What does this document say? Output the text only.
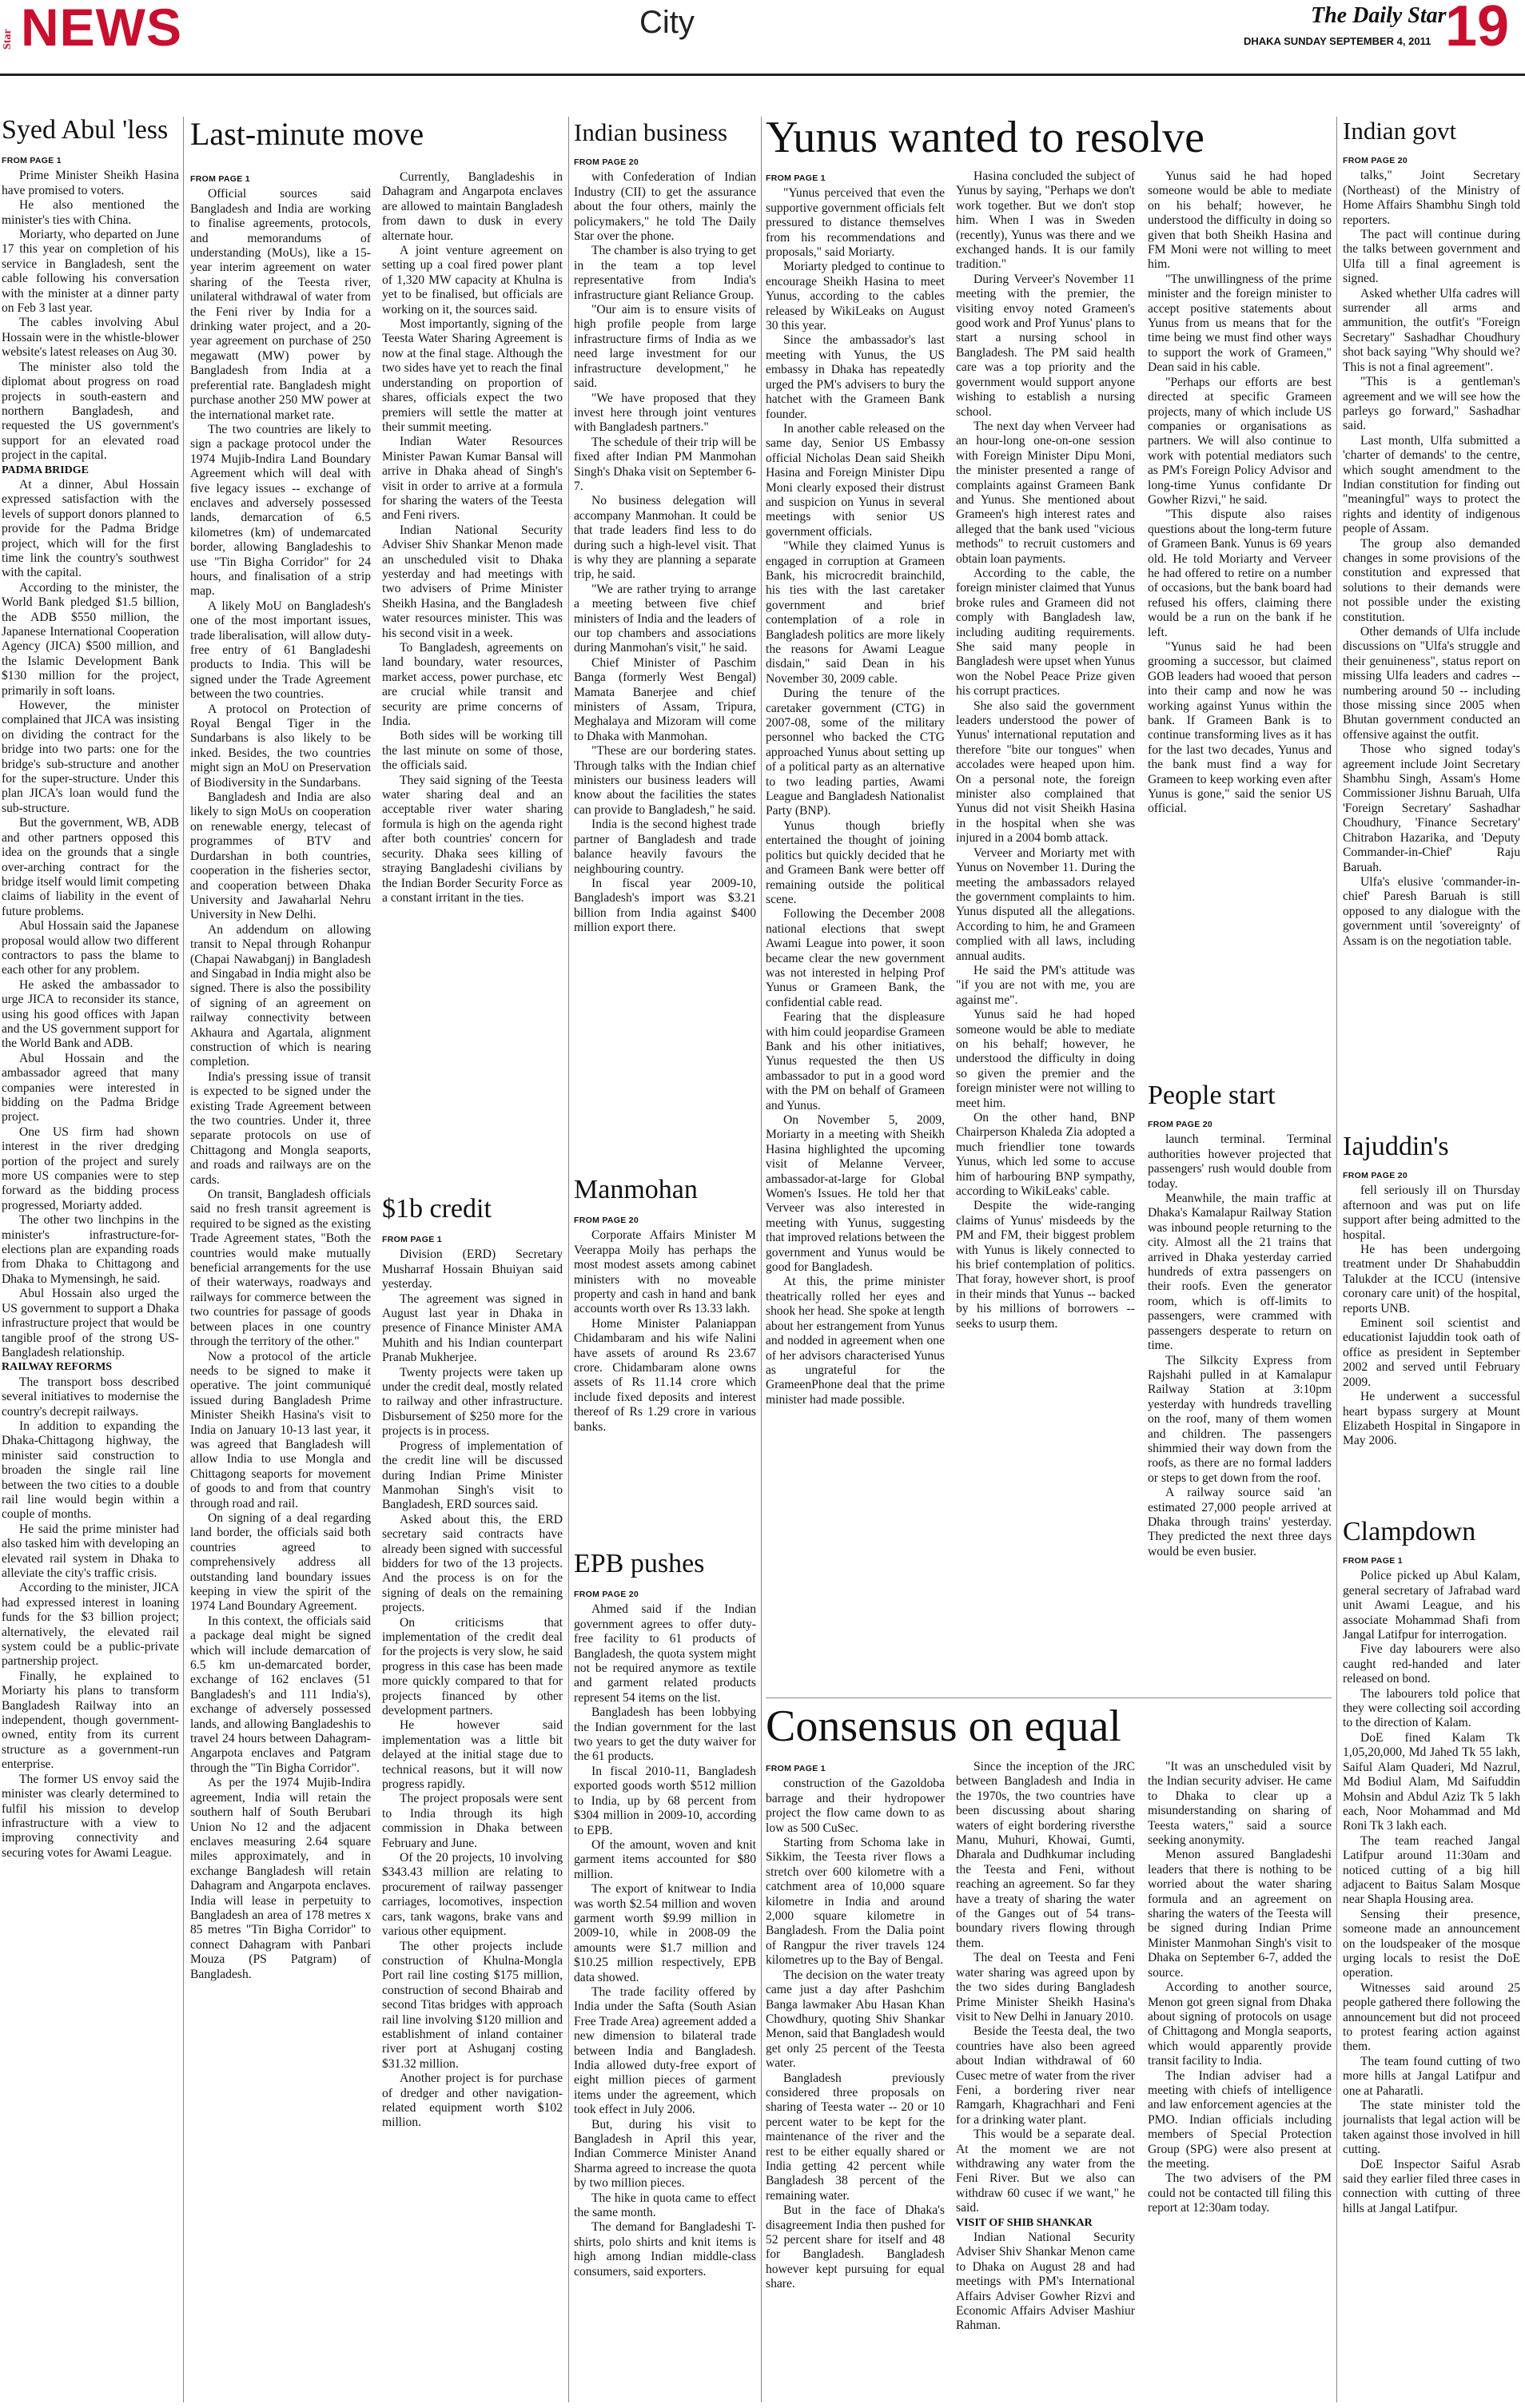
Star NEWS	City	The Daily Star
DHAKA SUNDAY SEPTEMBER 4, 2011 19
Syed Abul 'less
FROM PAGE 1

Prime Minister Sheikh Hasina have promised to voters.

He also mentioned the minister's ties with China.

Moriarty, who departed on June 17 this year on completion of his service in Bangladesh, sent the cable following his conversation with the minister at a dinner party on Feb 3 last year.

The cables involving Abul Hossain were in the whistle-blower website's latest releases on Aug 30.

The minister also told the diplomat about progress on road projects in south-eastern and northern Bangladesh, and requested the US government's support for an elevated road project in the capital.

PADMA BRIDGE

At a dinner, Abul Hossain expressed satisfaction with the levels of support donors planned to provide for the Padma Bridge project, which will for the first time link the country's southwest with the capital.

According to the minister, the World Bank pledged $1.5 billion, the ADB $550 million, the Japanese International Cooperation Agency (JICA) $500 million, and the Islamic Development Bank $130 million for the project, primarily in soft loans.

However, the minister complained that JICA was insisting on dividing the contract for the bridge into two parts: one for the bridge's sub-structure and another for the super-structure. Under this plan JICA's loan would fund the sub-structure.

But the government, WB, ADB and other partners opposed this idea on the grounds that a single over-arching contract for the bridge itself would limit competing claims of liability in the event of future problems.

Abul Hossain said the Japanese proposal would allow two different contractors to pass the blame to each other for any problem.

He asked the ambassador to urge JICA to reconsider its stance, using his good offices with Japan and the US government support for the World Bank and ADB.

Abul Hossain and the ambassador agreed that many companies were interested in bidding on the Padma Bridge project.

One US firm had shown interest in the river dredging portion of the project and surely more US companies were to step forward as the bidding process progressed, Moriarty added.

The other two linchpins in the minister's infrastructure-for-elections plan are expanding roads from Dhaka to Chittagong and Dhaka to Mymensingh, he said.

Abul Hossain also urged the US government to support a Dhaka infrastructure project that would be tangible proof of the strong US-Bangladesh relationship.

RAILWAY REFORMS

The transport boss described several initiatives to modernise the country's decrepit railways.

In addition to expanding the Dhaka-Chittagong highway, the minister said construction to broaden the single rail line between the two cities to a double rail line would begin within a couple of months.

He said the prime minister had also tasked him with developing an elevated rail system in Dhaka to alleviate the city's traffic crisis.

According to the minister, JICA had expressed interest in loaning funds for the $3 billion project; alternatively, the elevated rail system could be a public-private partnership project.

Finally, he explained to Moriarty his plans to transform Bangladesh Railway into an independent, though government-owned, entity from its current structure as a government-run enterprise.

The former US envoy said the minister was clearly determined to fulfil his mission to develop infrastructure with a view to improving connectivity and securing votes for Awami League.

Last-minute move
FROM PAGE 1

Official sources said Bangladesh and India are working to finalise agreements, protocols, and memorandums of understanding (MoUs), like a 15-year interim agreement on water sharing of the Teesta river, unilateral withdrawal of water from the Feni river by India for a drinking water project, and a 20-year agreement on purchase of 250 megawatt (MW) power by Bangladesh from India at a preferential rate. Bangladesh might purchase another 250 MW power at the international market rate.

The two countries are likely to sign a package protocol under the 1974 Mujib-Indira Land Boundary Agreement which will deal with five legacy issues -- exchange of enclaves and adversely possessed lands, demarcation of 6.5 kilometres (km) of undemarcated border, allowing Bangladeshis to use "Tin Bigha Corridor" for 24 hours, and finalisation of a strip map.

A likely MoU on Bangladesh's one of the most important issues, trade liberalisation, will allow duty-free entry of 61 Bangladeshi products to India. This will be signed under the Trade Agreement between the two countries.

A protocol on Protection of Royal Bengal Tiger in the Sundarbans is also likely to be inked. Besides, the two countries might sign an MoU on Preservation of Biodiversity in the Sundarbans.

Bangladesh and India are also likely to sign MoUs on cooperation on renewable energy, telecast of programmes of BTV and Durdarshan in both countries, cooperation in the fisheries sector, and cooperation between Dhaka University and Jawaharlal Nehru University in New Delhi.

An addendum on allowing transit to Nepal through Rohanpur (Chapai Nawabganj) in Bangladesh and Singabad in India might also be signed. There is also the possibility of signing of an agreement on railway connectivity between Akhaura and Agartala, alignment construction of which is nearing completion.

India's pressing issue of transit is expected to be signed under the existing Trade Agreement between the two countries. Under it, three separate protocols on use of Chittagong and Mongla seaports, and roads and railways are on the cards.

On transit, Bangladesh officials said no fresh transit agreement is required to be signed as the existing Trade Agreement states, "Both the countries would make mutually beneficial arrangements for the use of their waterways, roadways and railways for commerce between the two countries for passage of goods between places in one country through the territory of the other."

Now a protocol of the article needs to be signed to make it operative. The joint communiqué issued during Bangladesh Prime Minister Sheikh Hasina's visit to India on January 10-13 last year, it was agreed that Bangladesh will allow India to use Mongla and Chittagong seaports for movement of goods to and from that country through road and rail.

On signing of a deal regarding land border, the officials said both countries agreed to comprehensively address all outstanding land boundary issues keeping in view the spirit of the 1974 Land Boundary Agreement.

In this context, the officials said a package deal might be signed which will include demarcation of 6.5 km un-demarcated border, exchange of 162 enclaves (51 Bangladesh's and 111 India's), exchange of adversely possessed lands, and allowing Bangladeshis to travel 24 hours between Dahagram-Angarpota enclaves and Patgram through the "Tin Bigha Corridor".

As per the 1974 Mujib-Indira agreement, India will retain the southern half of South Berubari Union No 12 and the adjacent enclaves measuring 2.64 square miles approximately, and in exchange Bangladesh will retain Dahagram and Angarpota enclaves. India will lease in perpetuity to Bangladesh an area of 178 metres x 85 metres "Tin Bigha Corridor" to connect Dahagram with Panbari Mouza (PS Patgram) of Bangladesh.

Currently, Bangladeshis in Dahagram and Angarpota enclaves are allowed to maintain Bangladesh from dawn to dusk in every alternate hour.

A joint venture agreement on setting up a coal fired power plant of 1,320 MW capacity at Khulna is yet to be finalised, but officials are working on it, the sources said.

Most importantly, signing of the Teesta Water Sharing Agreement is now at the final stage. Although the two sides have yet to reach the final understanding on proportion of shares, officials expect the two premiers will settle the matter at their summit meeting.

Indian Water Resources Minister Pawan Kumar Bansal will arrive in Dhaka ahead of Singh's visit in order to arrive at a formula for sharing the waters of the Teesta and Feni rivers.

Indian National Security Adviser Shiv Shankar Menon made an unscheduled visit to Dhaka yesterday and had meetings with two advisers of Prime Minister Sheikh Hasina, and the Bangladesh water resources minister. This was his second visit in a week.

To Bangladesh, agreements on land boundary, water resources, market access, power purchase, etc are crucial while transit and security are prime concerns of India.

Both sides will be working till the last minute on some of those, the officials said.

They said signing of the Teesta water sharing deal and an acceptable river water sharing formula is high on the agenda right after both countries' concern for security. Dhaka sees killing of straying Bangladeshi civilians by the Indian Border Security Force as a constant irritant in the ties.

$1b credit
FROM PAGE 1

Division (ERD) Secretary Musharraf Hossain Bhuiyan said yesterday.

The agreement was signed in August last year in Dhaka in presence of Finance Minister AMA Muhith and his Indian counterpart Pranab Mukherjee.

Twenty projects were taken up under the credit deal, mostly related to railway and other infrastructure. Disbursement of $250 more for the projects is in process.

Progress of implementation of the credit line will be discussed during Indian Prime Minister Manmohan Singh's visit to Bangladesh, ERD sources said.

Asked about this, the ERD secretary said contracts have already been signed with successful bidders for two of the 13 projects. And the process is on for the signing of deals on the remaining projects.

On criticisms that implementation of the credit deal for the projects is very slow, he said progress in this case has been made more quickly compared to that for projects financed by other development partners.

He however said implementation was a little bit delayed at the initial stage due to technical reasons, but it will now progress rapidly.

The project proposals were sent to India through its high commission in Dhaka between February and June.

Of the 20 projects, 10 involving $343.43 million are relating to procurement of railway passenger carriages, locomotives, inspection cars, tank wagons, brake vans and various other equipment.

The other projects include construction of Khulna-Mongla Port rail line costing $175 million, construction of second Bhairab and second Titas bridges with approach rail line involving $120 million and establishment of inland container river port at Ashuganj costing $31.32 million.

Another project is for purchase of dredger and other navigation- related equipment worth $102 million.

Indian business
FROM PAGE 20

with Confederation of Indian Industry (CII) to get the assurance about the four others, mainly the policymakers," he told The Daily Star over the phone.

The chamber is also trying to get in the team a top level representative from India's infrastructure giant Reliance Group.

"Our aim is to ensure visits of high profile people from large infrastructure firms of India as we need large investment for our infrastructure development," he said.

"We have proposed that they invest here through joint ventures with Bangladesh partners."

The schedule of their trip will be fixed after Indian PM Manmohan Singh's Dhaka visit on September 6-7.

No business delegation will accompany Manmohan. It could be that trade leaders find less to do during such a high-level visit. That is why they are planning a separate trip, he said.

"We are rather trying to arrange a meeting between five chief ministers of India and the leaders of our top chambers and associations during Manmohan's visit," he said.

Chief Minister of Paschim Banga (formerly West Bengal) Mamata Banerjee and chief ministers of Assam, Tripura, Meghalaya and Mizoram will come to Dhaka with Manmohan.

"These are our bordering states. Through talks with the Indian chief ministers our business leaders will know about the facilities the states can provide to Bangladesh," he said.

India is the second highest trade partner of Bangladesh and trade balance heavily favours the neighbouring country.

In fiscal year 2009-10, Bangladesh's import was $3.21 billion from India against $400 million export there.

Manmohan
FROM PAGE 20

Corporate Affairs Minister M Veerappa Moily has perhaps the most modest assets among cabinet ministers with no moveable property and cash in hand and bank accounts worth over Rs 13.33 lakh.

Home Minister Palaniappan Chidambaram and his wife Nalini have assets of around Rs 23.67 crore. Chidambaram alone owns assets of Rs 11.14 crore which include fixed deposits and interest thereof of Rs 1.29 crore in various banks.

EPB pushes
FROM PAGE 20

Ahmed said if the Indian government agrees to offer duty-free facility to 61 products of Bangladesh, the quota system might not be required anymore as textile and garment related products represent 54 items on the list.

Bangladesh has been lobbying the Indian government for the last two years to get the duty waiver for the 61 products.

In fiscal 2010-11, Bangladesh exported goods worth $512 million to India, up by 68 percent from $304 million in 2009-10, according to EPB.

Of the amount, woven and knit garment items accounted for $80 million.

The export of knitwear to India was worth $2.54 million and woven garment worth $9.99 million in 2009-10, while in 2008-09 the amounts were $1.7 million and $10.25 million respectively, EPB data showed.

The trade facility offered by India under the Safta (South Asian Free Trade Area) agreement added a new dimension to bilateral trade between India and Bangladesh. India allowed duty-free export of eight million pieces of garment items under the agreement, which took effect in July 2006.

But, during his visit to Bangladesh in April this year, Indian Commerce Minister Anand Sharma agreed to increase the quota by two million pieces.

The hike in quota came to effect the same month.

The demand for Bangladeshi T-shirts, polo shirts and knit items is high among Indian middle-class consumers, said exporters.

Yunus wanted to resolve
FROM PAGE 1

"Yunus perceived that even the supportive government officials felt pressured to distance themselves from his recommendations and proposals," said Moriarty.

Moriarty pledged to continue to encourage Sheikh Hasina to meet Yunus, according to the cables released by WikiLeaks on August 30 this year.

Since the ambassador's last meeting with Yunus, the US embassy in Dhaka has repeatedly urged the PM's advisers to bury the hatchet with the Grameen Bank founder.

In another cable released on the same day, Senior US Embassy official Nicholas Dean said Sheikh Hasina and Foreign Minister Dipu Moni clearly exposed their distrust and suspicion on Yunus in several meetings with senior US government officials.

"While they claimed Yunus is engaged in corruption at Grameen Bank, his microcredit brainchild, his ties with the last caretaker government and brief contemplation of a role in Bangladesh politics are more likely the reasons for Awami League disdain," said Dean in his November 30, 2009 cable.

During the tenure of the caretaker government (CTG) in 2007-08, some of the military personnel who backed the CTG approached Yunus about setting up of a political party as an alternative to two leading parties, Awami League and Bangladesh Nationalist Party (BNP).

Yunus though briefly entertained the thought of joining politics but quickly decided that he and Grameen Bank were better off remaining outside the political scene.

Following the December 2008 national elections that swept Awami League into power, it soon became clear the new government was not interested in helping Prof Yunus or Grameen Bank, the confidential cable read.

Fearing that the displeasure with him could jeopardise Grameen Bank and his other initiatives, Yunus requested the then US ambassador to put in a good word with the PM on behalf of Grameen and Yunus.

On November 5, 2009, Moriarty in a meeting with Sheikh Hasina highlighted the upcoming visit of Melanne Verveer, ambassador-at-large for Global Women's Issues. He told her that Verveer was also interested in meeting with Yunus, suggesting that improved relations between the government and Yunus would be good for Bangladesh.

At this, the prime minister theatrically rolled her eyes and shook her head. She spoke at length about her estrangement from Yunus and nodded in agreement when one of her advisors characterised Yunus as ungrateful for the GrameenPhone deal that the prime minister had made possible.

Hasina concluded the subject of Yunus by saying, "Perhaps we don't work together. But we don't stop him. When I was in Sweden (recently), Yunus was there and we exchanged hands. It is our family tradition."

During Verveer's November 11 meeting with the premier, the visiting envoy noted Grameen's good work and Prof Yunus' plans to start a nursing school in Bangladesh. The PM said health care was a top priority and the government would support anyone wishing to establish a nursing school.

The next day when Verveer had an hour-long one-on-one session with Foreign Minister Dipu Moni, the minister presented a range of complaints against Grameen Bank and Yunus. She mentioned about Grameen's high interest rates and alleged that the bank used "vicious methods" to recruit customers and obtain loan payments.

According to the cable, the foreign minister claimed that Yunus broke rules and Grameen did not comply with Bangladesh law, including auditing requirements. She said many people in Bangladesh were upset when Yunus won the Nobel Peace Prize given his corrupt practices.

She also said the government leaders understood the power of Yunus' international reputation and therefore "bite our tongues" when accolades were heaped upon him. On a personal note, the foreign minister also complained that Yunus did not visit Sheikh Hasina in the hospital when she was injured in a 2004 bomb attack.

Verveer and Moriarty met with Yunus on November 11. During the meeting the ambassadors relayed the government complaints to him. Yunus disputed all the allegations. According to him, he and Grameen complied with all laws, including annual audits.

He said the PM's attitude was "if you are not with me, you are against me".

Yunus said he had hoped someone would be able to mediate on his behalf; however, he understood the difficulty in doing so given the premier and the foreign minister were not willing to meet him.

On the other hand, BNP Chairperson Khaleda Zia adopted a much friendlier tone towards Yunus, which led some to accuse him of harbouring BNP sympathy, according to WikiLeaks' cable.

Despite the wide-ranging claims of Yunus' misdeeds by the PM and FM, their biggest problem with Yunus is likely connected to his brief contemplation of politics. That foray, however short, is proof in their minds that Yunus -- backed by his millions of borrowers -- seeks to usurp them.

Yunus said he had hoped someone would be able to mediate on his behalf; however, he understood the difficulty in doing so given that both Sheikh Hasina and FM Moni were not willing to meet him.

"The unwillingness of the prime minister and the foreign minister to accept positive statements about Yunus from us means that for the time being we must find other ways to support the work of Grameen," Dean said in his cable.

"Perhaps our efforts are best directed at specific Grameen projects, many of which include US companies or organisations as partners. We will also continue to work with potential mediators such as PM's Foreign Policy Advisor and long-time Yunus confidante Dr Gowher Rizvi," he said.

"This dispute also raises questions about the long-term future of Grameen Bank. Yunus is 69 years old. He told Moriarty and Verveer he had offered to retire on a number of occasions, but the bank board had refused his offers, claiming there would be a run on the bank if he left.

"Yunus said he had been grooming a successor, but claimed GOB leaders had wooed that person into their camp and now he was working against Yunus within the bank. If Grameen Bank is to continue transforming lives as it has for the last two decades, Yunus and the bank must find a way for Grameen to keep working even after Yunus is gone," said the senior US official.

People start
FROM PAGE 20

launch terminal. Terminal authorities however projected that passengers' rush would double from today.

Meanwhile, the main traffic at Dhaka's Kamalapur Railway Station was inbound people returning to the city. Almost all the 21 trains that arrived in Dhaka yesterday carried hundreds of extra passengers on their roofs. Even the generator room, which is off-limits to passengers, were crammed with passengers desperate to return on time.

The Silkcity Express from Rajshahi pulled in at Kamalapur Railway Station at 3:10pm yesterday with hundreds travelling on the roof, many of them women and children. The passengers shimmied their way down from the roofs, as there are no formal ladders or steps to get down from the roof.

A railway source said 'an estimated 27,000 people arrived at Dhaka through trains' yesterday. They predicted the next three days would be even busier.

Consensus on equal
FROM PAGE 1

construction of the Gazoldoba barrage and their hydropower project the flow came down to as low as 500 CuSec.

Starting from Schoma lake in Sikkim, the Teesta river flows a stretch over 600 kilometre with a catchment area of 10,000 square kilometre in India and around 2,000 square kilometre in Bangladesh. From the Dalia point of Rangpur the river travels 124 kilometres up to the Bay of Bengal.

The decision on the water treaty came just a day after Pashchim Banga lawmaker Abu Hasan Khan Chowdhury, quoting Shiv Shankar Menon, said that Bangladesh would get only 25 percent of the Teesta water.

Bangladesh previously considered three proposals on sharing of Teesta water -- 20 or 10 percent water to be kept for the maintenance of the river and the rest to be either equally shared or India getting 42 percent while Bangladesh 38 percent of the remaining water.

But in the face of Dhaka's disagreement India then pushed for 52 percent share for itself and 48 for Bangladesh. Bangladesh however kept pursuing for equal share.

Since the inception of the JRC between Bangladesh and India in the 1970s, the two countries have been discussing about sharing waters of eight bordering riversthe Manu, Muhuri, Khowai, Gumti, Dharala and Dudhkumar including the Teesta and Feni, without reaching an agreement. So far they have a treaty of sharing the water of the Ganges out of 54 trans-boundary rivers flowing through them.

The deal on Teesta and Feni water sharing was agreed upon by the two sides during Bangladesh Prime Minister Sheikh Hasina's visit to New Delhi in January 2010.

Beside the Teesta deal, the two countries have also been agreed about Indian withdrawal of 60 Cusec metre of water from the river Feni, a bordering river near Ramgarh, Khagrachhari and Feni for a drinking water plant.

This would be a separate deal. At the moment we are not withdrawing any water from the Feni River. But we also can withdraw 60 cusec if we want," he said.

VISIT OF SHIB SHANKAR

Indian National Security Adviser Shiv Shankar Menon came to Dhaka on August 28 and had meetings with PM's International Affairs Adviser Gowher Rizvi and Economic Affairs Adviser Mashiur Rahman.

"It was an unscheduled visit by the Indian security adviser. He came to Dhaka to clear up a misunderstanding on sharing of Teesta waters," said a source seeking anonymity.

Menon assured Bangladeshi leaders that there is nothing to be worried about the water sharing formula and an agreement on sharing the waters of the Teesta will be signed during Indian Prime Minister Manmohan Singh's visit to Dhaka on September 6-7, added the source.

According to another source, Menon got green signal from Dhaka about signing of protocols on usage of Chittagong and Mongla seaports, which would apparently provide transit facility to India.

The Indian adviser had a meeting with chiefs of intelligence and law enforcement agencies at the PMO. Indian officials including members of Special Protection Group (SPG) were also present at the meeting.

The two advisers of the PM could not be contacted till filing this report at 12:30am today.

Indian govt
FROM PAGE 20

talks," Joint Secretary (Northeast) of the Ministry of Home Affairs Shambhu Singh told reporters.

The pact will continue during the talks between government and Ulfa till a final agreement is signed.

Asked whether Ulfa cadres will surrender all arms and ammunition, the outfit's "Foreign Secretary" Sashadhar Choudhury shot back saying "Why should we? This is not a final agreement".

"This is a gentleman's agreement and we will see how the parleys go forward," Sashadhar said.

Last month, Ulfa submitted a 'charter of demands' to the centre, which sought amendment to the Indian constitution for finding out "meaningful" ways to protect the rights and identity of indigenous people of Assam.

The group also demanded changes in some provisions of the constitution and expressed that solutions to their demands were not possible under the existing constitution.

Other demands of Ulfa include discussions on "Ulfa's struggle and their genuineness", status report on missing Ulfa leaders and cadres -- numbering around 50 -- including those missing since 2005 when Bhutan government conducted an offensive against the outfit.

Those who signed today's agreement include Joint Secretary Shambhu Singh, Assam's Home Commissioner Jishnu Baruah, Ulfa 'Foreign Secretary' Sashadhar Choudhury, 'Finance Secretary' Chitrabon Hazarika, and 'Deputy Commander-in-Chief' Raju Baruah.

Ulfa's elusive 'commander-in-chief' Paresh Baruah is still opposed to any dialogue with the government until 'sovereignty' of Assam is on the negotiation table.

Iajuddin's
FROM PAGE 20

fell seriously ill on Thursday afternoon and was put on life support after being admitted to the hospital.

He has been undergoing treatment under Dr Shahabuddin Talukder at the ICCU (intensive coronary care unit) of the hospital, reports UNB.

Eminent soil scientist and educationist Iajuddin took oath of office as president in September 2002 and served until February 2009.

He underwent a successful heart bypass surgery at Mount Elizabeth Hospital in Singapore in May 2006.

Clampdown
FROM PAGE 1

Police picked up Abul Kalam, general secretary of Jafrabad ward unit Awami League, and his associate Mohammad Shafi from Jangal Latifpur for interrogation.

Five day labourers were also caught red-handed and later released on bond.

The labourers told police that they were collecting soil according to the direction of Kalam.

DoE fined Kalam Tk 1,05,20,000, Md Jahed Tk 55 lakh, Saiful Alam Quaderi, Md Nazrul, Md Bodiul Alam, Md Saifuddin Mohsin and Abdul Aziz Tk 5 lakh each, Noor Mohammad and Md Roni Tk 3 lakh each.

The team reached Jangal Latifpur around 11:30am and noticed cutting of a big hill adjacent to Baitus Salam Mosque near Shapla Housing area.

Sensing their presence, someone made an announcement on the loudspeaker of the mosque urging locals to resist the DoE operation.

Witnesses said around 25 people gathered there following the announcement but did not proceed to protest fearing action against them.

The team found cutting of two more hills at Jangal Latifpur and one at Paharatli.

The state minister told the journalists that legal action will be taken against those involved in hill cutting.

DoE Inspector Saiful Asrab said they earlier filed three cases in connection with cutting of three hills at Jangal Latifpur.
